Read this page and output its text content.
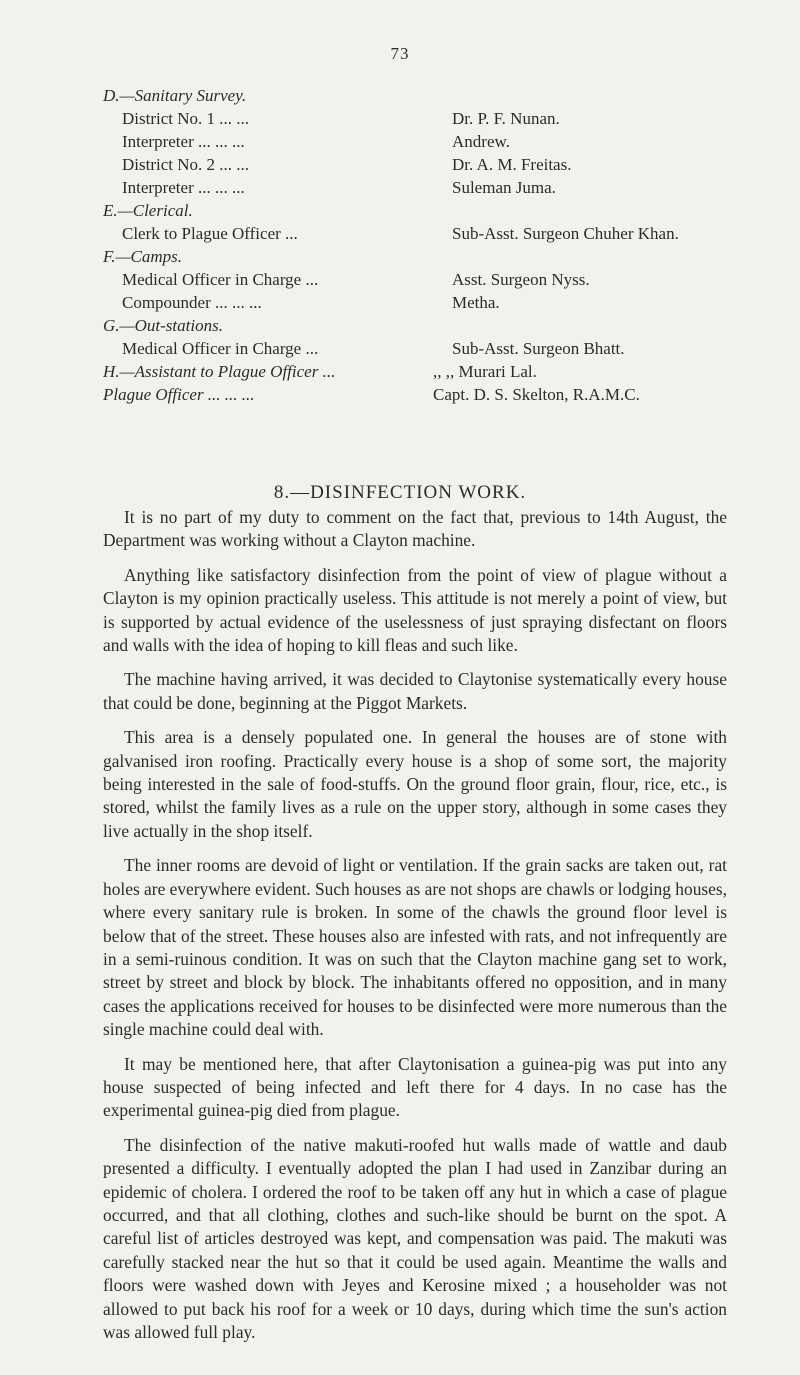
73
D.—Sanitary Survey.
District No. 1 ... ...	Dr. P. F. Nunan.
Interpreter ... ... ...	Andrew.
District No. 2 ... ...	Dr. A. M. Freitas.
Interpreter ... ... ...	Suleman Juma.
E.—Clerical.
Clerk to Plague Officer ...	Sub-Asst. Surgeon Chuher Khan.
F.—Camps.
Medical Officer in Charge ...	Asst. Surgeon Nyss.
Compounder ... ... ...	Metha.
G.—Out-stations.
Medical Officer in Charge ...	Sub-Asst. Surgeon Bhatt.
H.—Assistant to Plague Officer ...	,, ,, Murari Lal.
Plague Officer ... ... ...	Capt. D. S. Skelton, R.A.M.C.
8.—DISINFECTION WORK.

It is no part of my duty to comment on the fact that, previous to 14th August, the Department was working without a Clayton machine.

Anything like satisfactory disinfection from the point of view of plague without a Clayton is my opinion practically useless. This attitude is not merely a point of view, but is supported by actual evidence of the uselessness of just spraying disfectant on floors and walls with the idea of hoping to kill fleas and such like.

The machine having arrived, it was decided to Claytonise systematically every house that could be done, beginning at the Piggot Markets.

This area is a densely populated one. In general the houses are of stone with galvanised iron roofing. Practically every house is a shop of some sort, the majority being interested in the sale of food-stuffs. On the ground floor grain, flour, rice, etc., is stored, whilst the family lives as a rule on the upper story, although in some cases they live actually in the shop itself.

The inner rooms are devoid of light or ventilation. If the grain sacks are taken out, rat holes are everywhere evident. Such houses as are not shops are chawls or lodging houses, where every sanitary rule is broken. In some of the chawls the ground floor level is below that of the street. These houses also are infested with rats, and not infrequently are in a semi-ruinous condition. It was on such that the Clayton machine gang set to work, street by street and block by block. The inhabitants offered no opposition, and in many cases the applications received for houses to be disinfected were more numerous than the single machine could deal with.

It may be mentioned here, that after Claytonisation a guinea-pig was put into any house suspected of being infected and left there for 4 days. In no case has the experimental guinea-pig died from plague.

The disinfection of the native makuti-roofed hut walls made of wattle and daub presented a difficulty. I eventually adopted the plan I had used in Zanzibar during an epidemic of cholera. I ordered the roof to be taken off any hut in which a case of plague occurred, and that all clothing, clothes and such-like should be burnt on the spot. A careful list of articles destroyed was kept, and compensation was paid. The makuti was carefully stacked near the hut so that it could be used again. Meantime the walls and floors were washed down with Jeyes and Kerosine mixed ; a householder was not allowed to put back his roof for a week or 10 days, during which time the sun's action was allowed full play.
